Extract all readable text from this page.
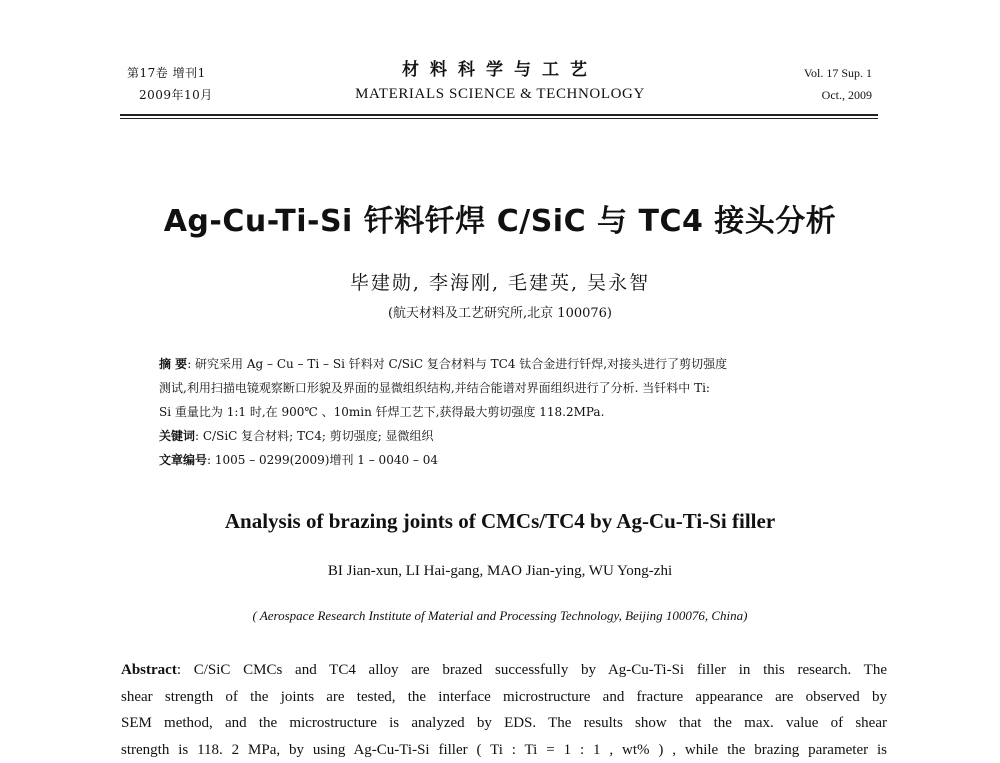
第17卷 增刊1
2009年10月
材料科学与工艺
MATERIALS SCIENCE & TECHNOLOGY
Vol. 17 Sup. 1
Oct., 2009
Ag-Cu-Ti-Si 钎料钎焊 C/SiC 与 TC4 接头分析
毕建勋, 李海刚, 毛建英, 吴永智
(航天材料及工艺研究所,北京 100076)

摘 要: 研究采用 Ag – Cu – Ti – Si 钎料对 C/SiC 复合材料与 TC4 钛合金进行钎焊,对接头进行了剪切强度

测试,利用扫描电镜观察断口形貌及界面的显微组织结构,并结合能谱对界面组织进行了分析. 当钎料中 Ti:

Si 重量比为 1:1 时,在 900℃ 、10min 钎焊工艺下,获得最大剪切强度 118.2MPa.

关键词: C/SiC 复合材料; TC4; 剪切强度; 显微组织

文章编号: 1005 – 0299(2009)增刊 1 – 0040 – 04

Analysis of brazing joints of CMCs/TC4 by Ag-Cu-Ti-Si filler
BI Jian-xun, LI Hai-gang, MAO Jian-ying, WU Yong-zhi
( Aerospace Research Institute of Material and Processing Technology, Beijing 100076, China)

Abstract: C/SiC CMCs and TC4 alloy are brazed successfully by Ag-Cu-Ti-Si filler in this research. The

shear strength of the joints are tested, the interface microstructure and fracture appearance are observed by

SEM method, and the microstructure is analyzed by EDS. The results show that the max. value of shear

strength is 118. 2 MPa, by using Ag-Cu-Ti-Si filler ( Ti : Ti = 1 : 1 , wt% ) , while the brazing parameter is
